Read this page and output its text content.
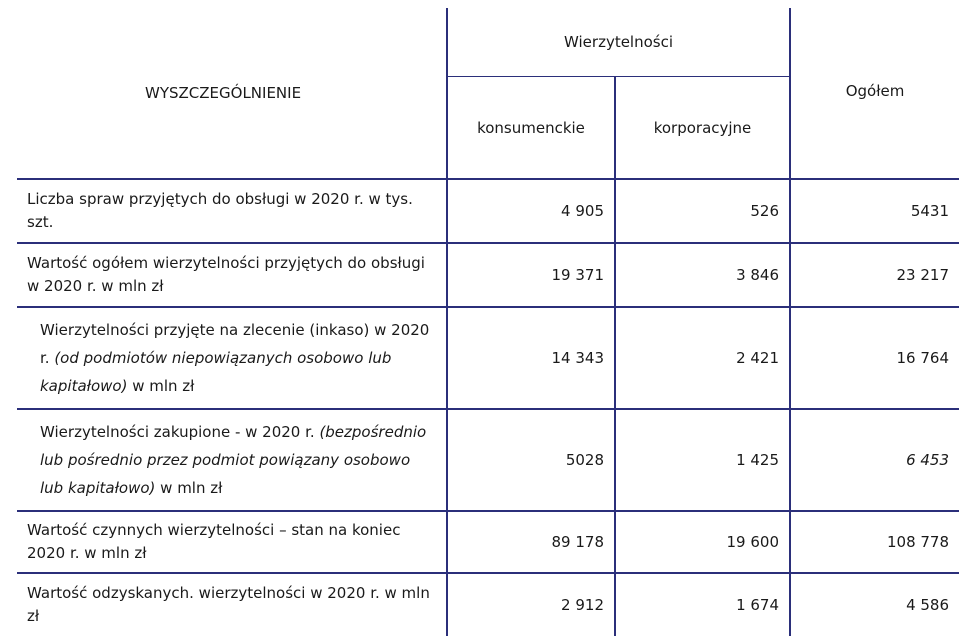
WYSZCZEGÓLNIENIE	Wierzytelności		Ogółem
	konsumenckie	korporacyjne	
Liczba spraw przyjętych do obsługi w 2020 r. w tys. szt.	4 905	526	5431
Wartość ogółem wierzytelności przyjętych do obsługi w 2020 r. w mln zł	19 371	3 846	23 217
Wierzytelności przyjęte na zlecenie (inkaso) w 2020 r. (od podmiotów niepowiązanych osobowo lub kapitałowo) w mln zł	14 343	2 421	16 764
Wierzytelności zakupione - w 2020 r. (bezpośrednio lub pośrednio przez podmiot powiązany osobowo lub kapitałowo) w mln zł	5028	1 425	6 453
Wartość czynnych wierzytelności – stan na koniec 2020 r. w mln zł	89 178	19 600	108 778
Wartość odzyskanych. wierzytelności w 2020 r. w mln zł	2 912	1 674	4 586
